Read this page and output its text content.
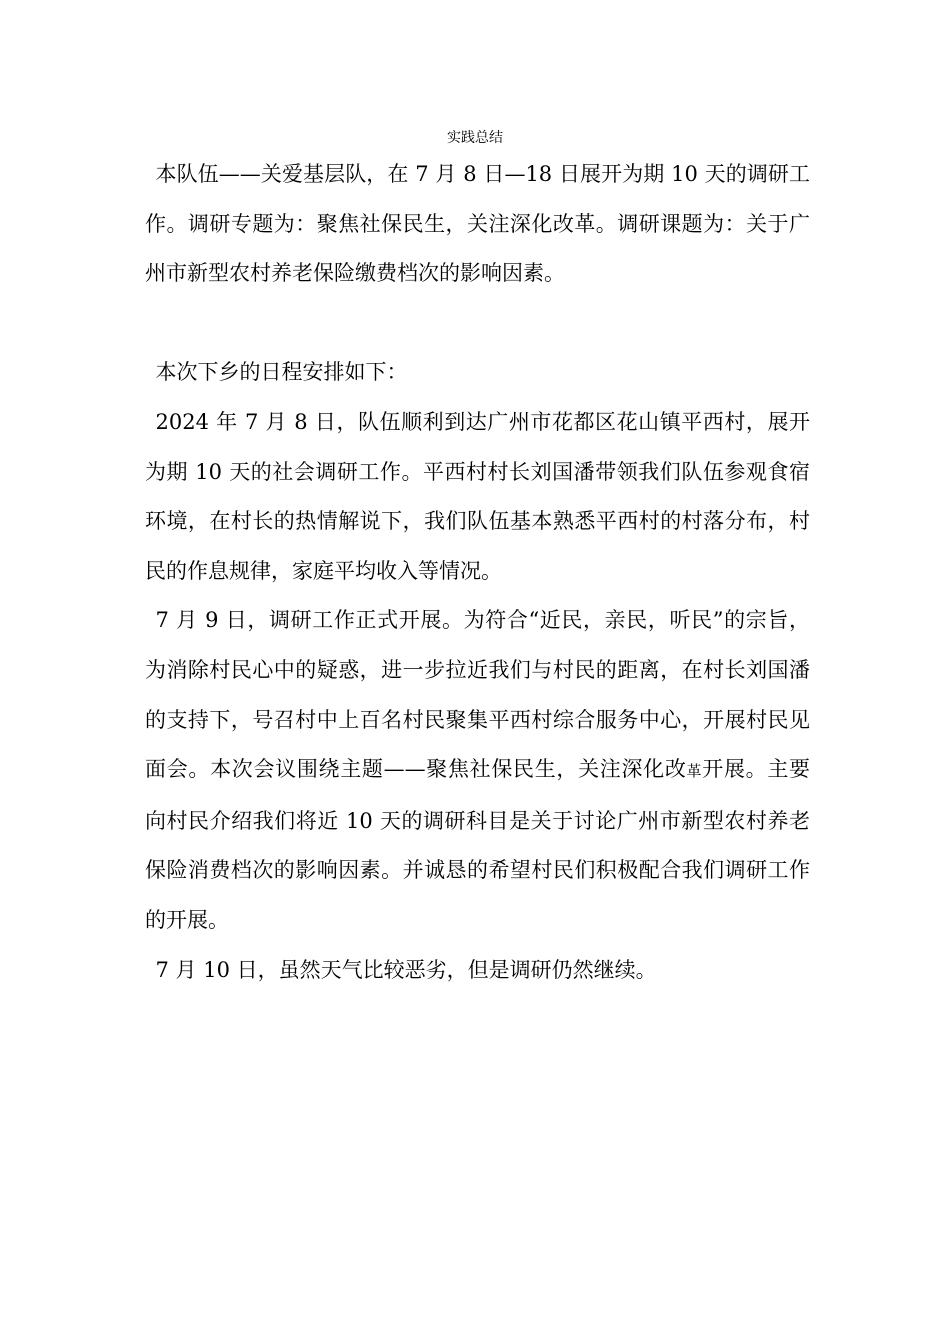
实践总结

本队伍——关爱基层队，在 7 月 8 日—18 日展开为期 10 天的调研工作。调研专题为：聚焦社保民生，关注深化改革。调研课题为：关于广州市新型农村养老保险缴费档次的影响因素。

本次下乡的日程安排如下：

2024 年 7 月 8 日，队伍顺利到达广州市花都区花山镇平西村，展开为期 10 天的社会调研工作。平西村村长刘国潘带领我们队伍参观食宿环境，在村长的热情解说下，我们队伍基本熟悉平西村的村落分布，村民的作息规律，家庭平均收入等情况。

7 月 9 日，调研工作正式开展。为符合“近民，亲民，听民”的宗旨，为消除村民心中的疑惑，进一步拉近我们与村民的距离，在村长刘国潘的支持下，号召村中上百名村民聚集平西村综合服务中心，开展村民见面会。本次会议围绕主题——聚焦社保民生，关注深化改革开展。主要向村民介绍我们将近 10 天的调研科目是关于讨论广州市新型农村养老保险消费档次的影响因素。并诚恳的希望村民们积极配合我们调研工作的开展。

7 月 10 日，虽然天气比较恶劣，但是调研仍然继续。
